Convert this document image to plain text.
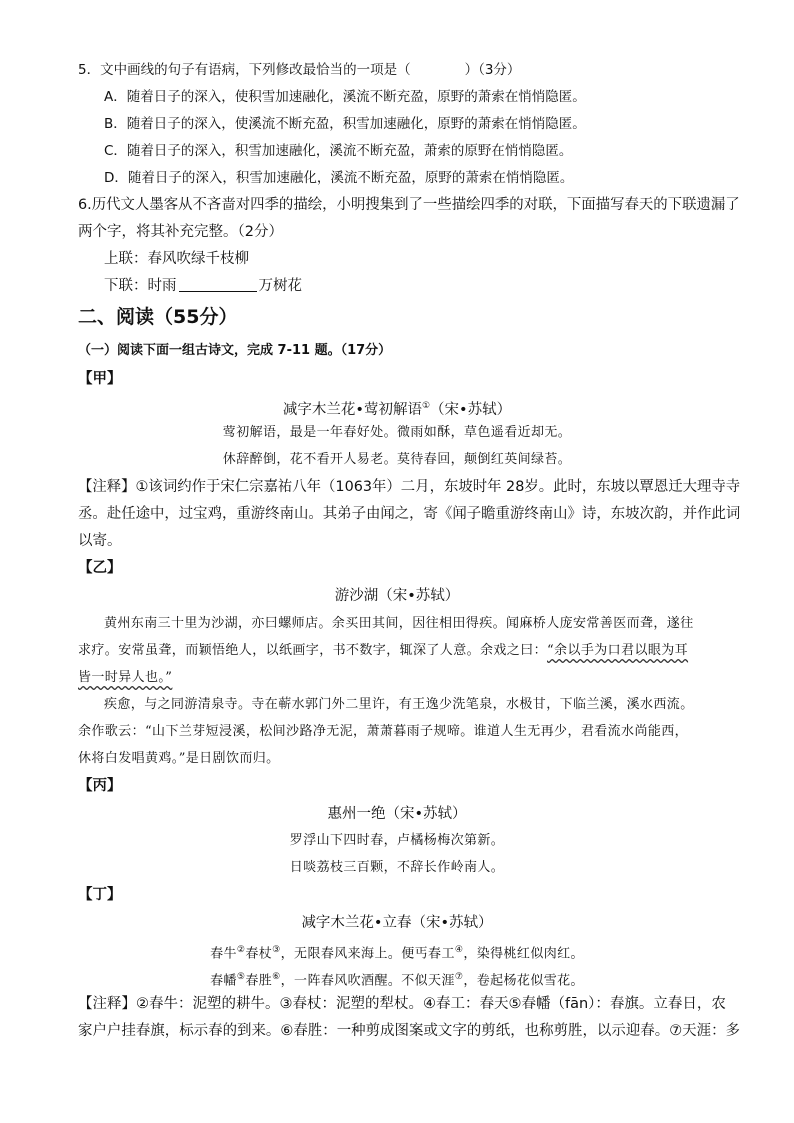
5．文中画线的句子有语病，下列修改最恰当的一项是（　　　　）（3分）
A．随着日子的深入，使积雪加速融化，溪流不断充盈，原野的萧索在悄悄隐匿。
B．随着日子的深入，使溪流不断充盈，积雪加速融化，原野的萧索在悄悄隐匿。
C．随着日子的深入，积雪加速融化，溪流不断充盈，萧索的原野在悄悄隐匿。
D．随着日子的深入，积雪加速融化，溪流不断充盈，原野的萧索在悄悄隐匿。
6.历代文人墨客从不吝啬对四季的描绘，小明搜集到了一些描绘四季的对联，下面描写春天的下联遗漏了
两个字，将其补充完整。（2分）
上联：春风吹绿千枝柳
下联：时雨	万树花
二、阅读（55分）
（一）阅读下面一组古诗文，完成 7-11 题。（17分）
【甲】
减字木兰花•莺初解语①（宋•苏轼）
莺初解语，最是一年春好处。微雨如酥，草色遥看近却无。
休辞醉倒，花不看开人易老。莫待春回，颠倒红英间绿苔。
【注释】①该词约作于宋仁宗嘉祐八年（1063年）二月，东坡时年 28岁。此时，东坡以覃恩迁大理寺寺
丞。赴任途中，过宝鸡，重游终南山。其弟子由闻之，寄《闻子瞻重游终南山》诗，东坡次韵，并作此词
以寄。
【乙】
游沙湖（宋•苏轼）
黄州东南三十里为沙湖，亦曰螺师店。余买田其间，因往相田得疾。闻麻桥人庞安常善医而聋，遂往
求疗。安常虽聋，而颖悟绝人，以纸画字，书不数字，辄深了人意。余戏之曰：“余以手为口君以眼为耳
皆一时异人也。”
疾愈，与之同游清泉寺。寺在蕲水郭门外二里许，有王逸少洗笔泉，水极甘，下临兰溪，溪水西流。
余作歌云：“山下兰芽短浸溪，松间沙路净无泥，萧萧暮雨子规啼。谁道人生无再少，君看流水尚能西，
休将白发唱黄鸡。”是日剧饮而归。
【丙】
惠州一绝（宋•苏轼）
罗浮山下四时春，卢橘杨梅次第新。
日啖荔枝三百颗，不辞长作岭南人。
【丁】
减字木兰花•立春（宋•苏轼）
春牛②春杖③，无限春风来海上。便丐春工④，染得桃红似肉红。
春幡⑤春胜⑥，一阵春风吹酒醒。不似天涯⑦，卷起杨花似雪花。
【注释】②春牛：泥塑的耕牛。③春杖：泥塑的犁杖。④春工：春天⑤春幡（fān）：春旗。立春日，农
家户户挂春旗，标示春的到来。⑥春胜：一种剪成图案或文字的剪纸，也称剪胜，以示迎春。⑦天涯：多
